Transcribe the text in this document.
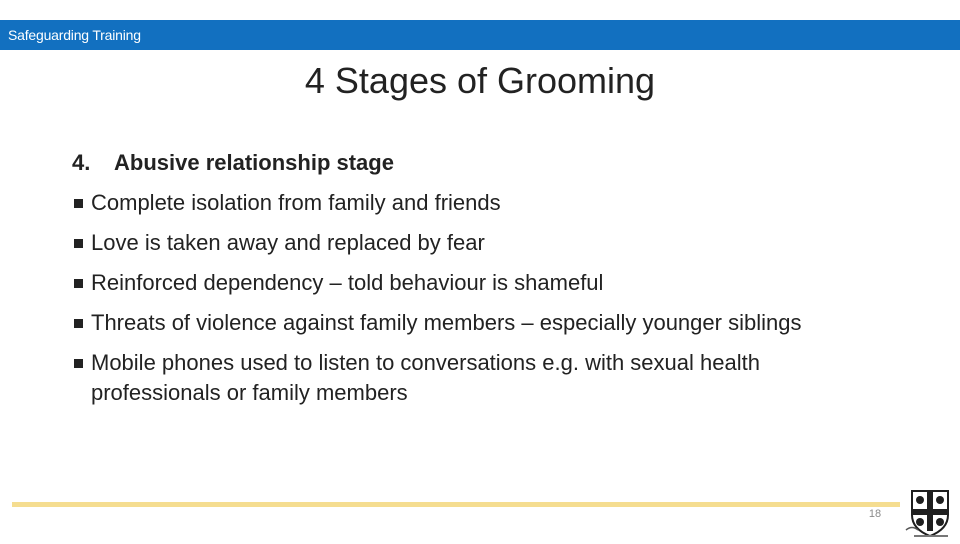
Safeguarding Training
4 Stages of Grooming
4. Abusive relationship stage
Complete isolation from family and friends
Love is taken away and replaced by fear
Reinforced dependency – told behaviour is shameful
Threats of violence against family members – especially younger siblings
Mobile phones used to listen to conversations e.g. with sexual health professionals or family members
18
